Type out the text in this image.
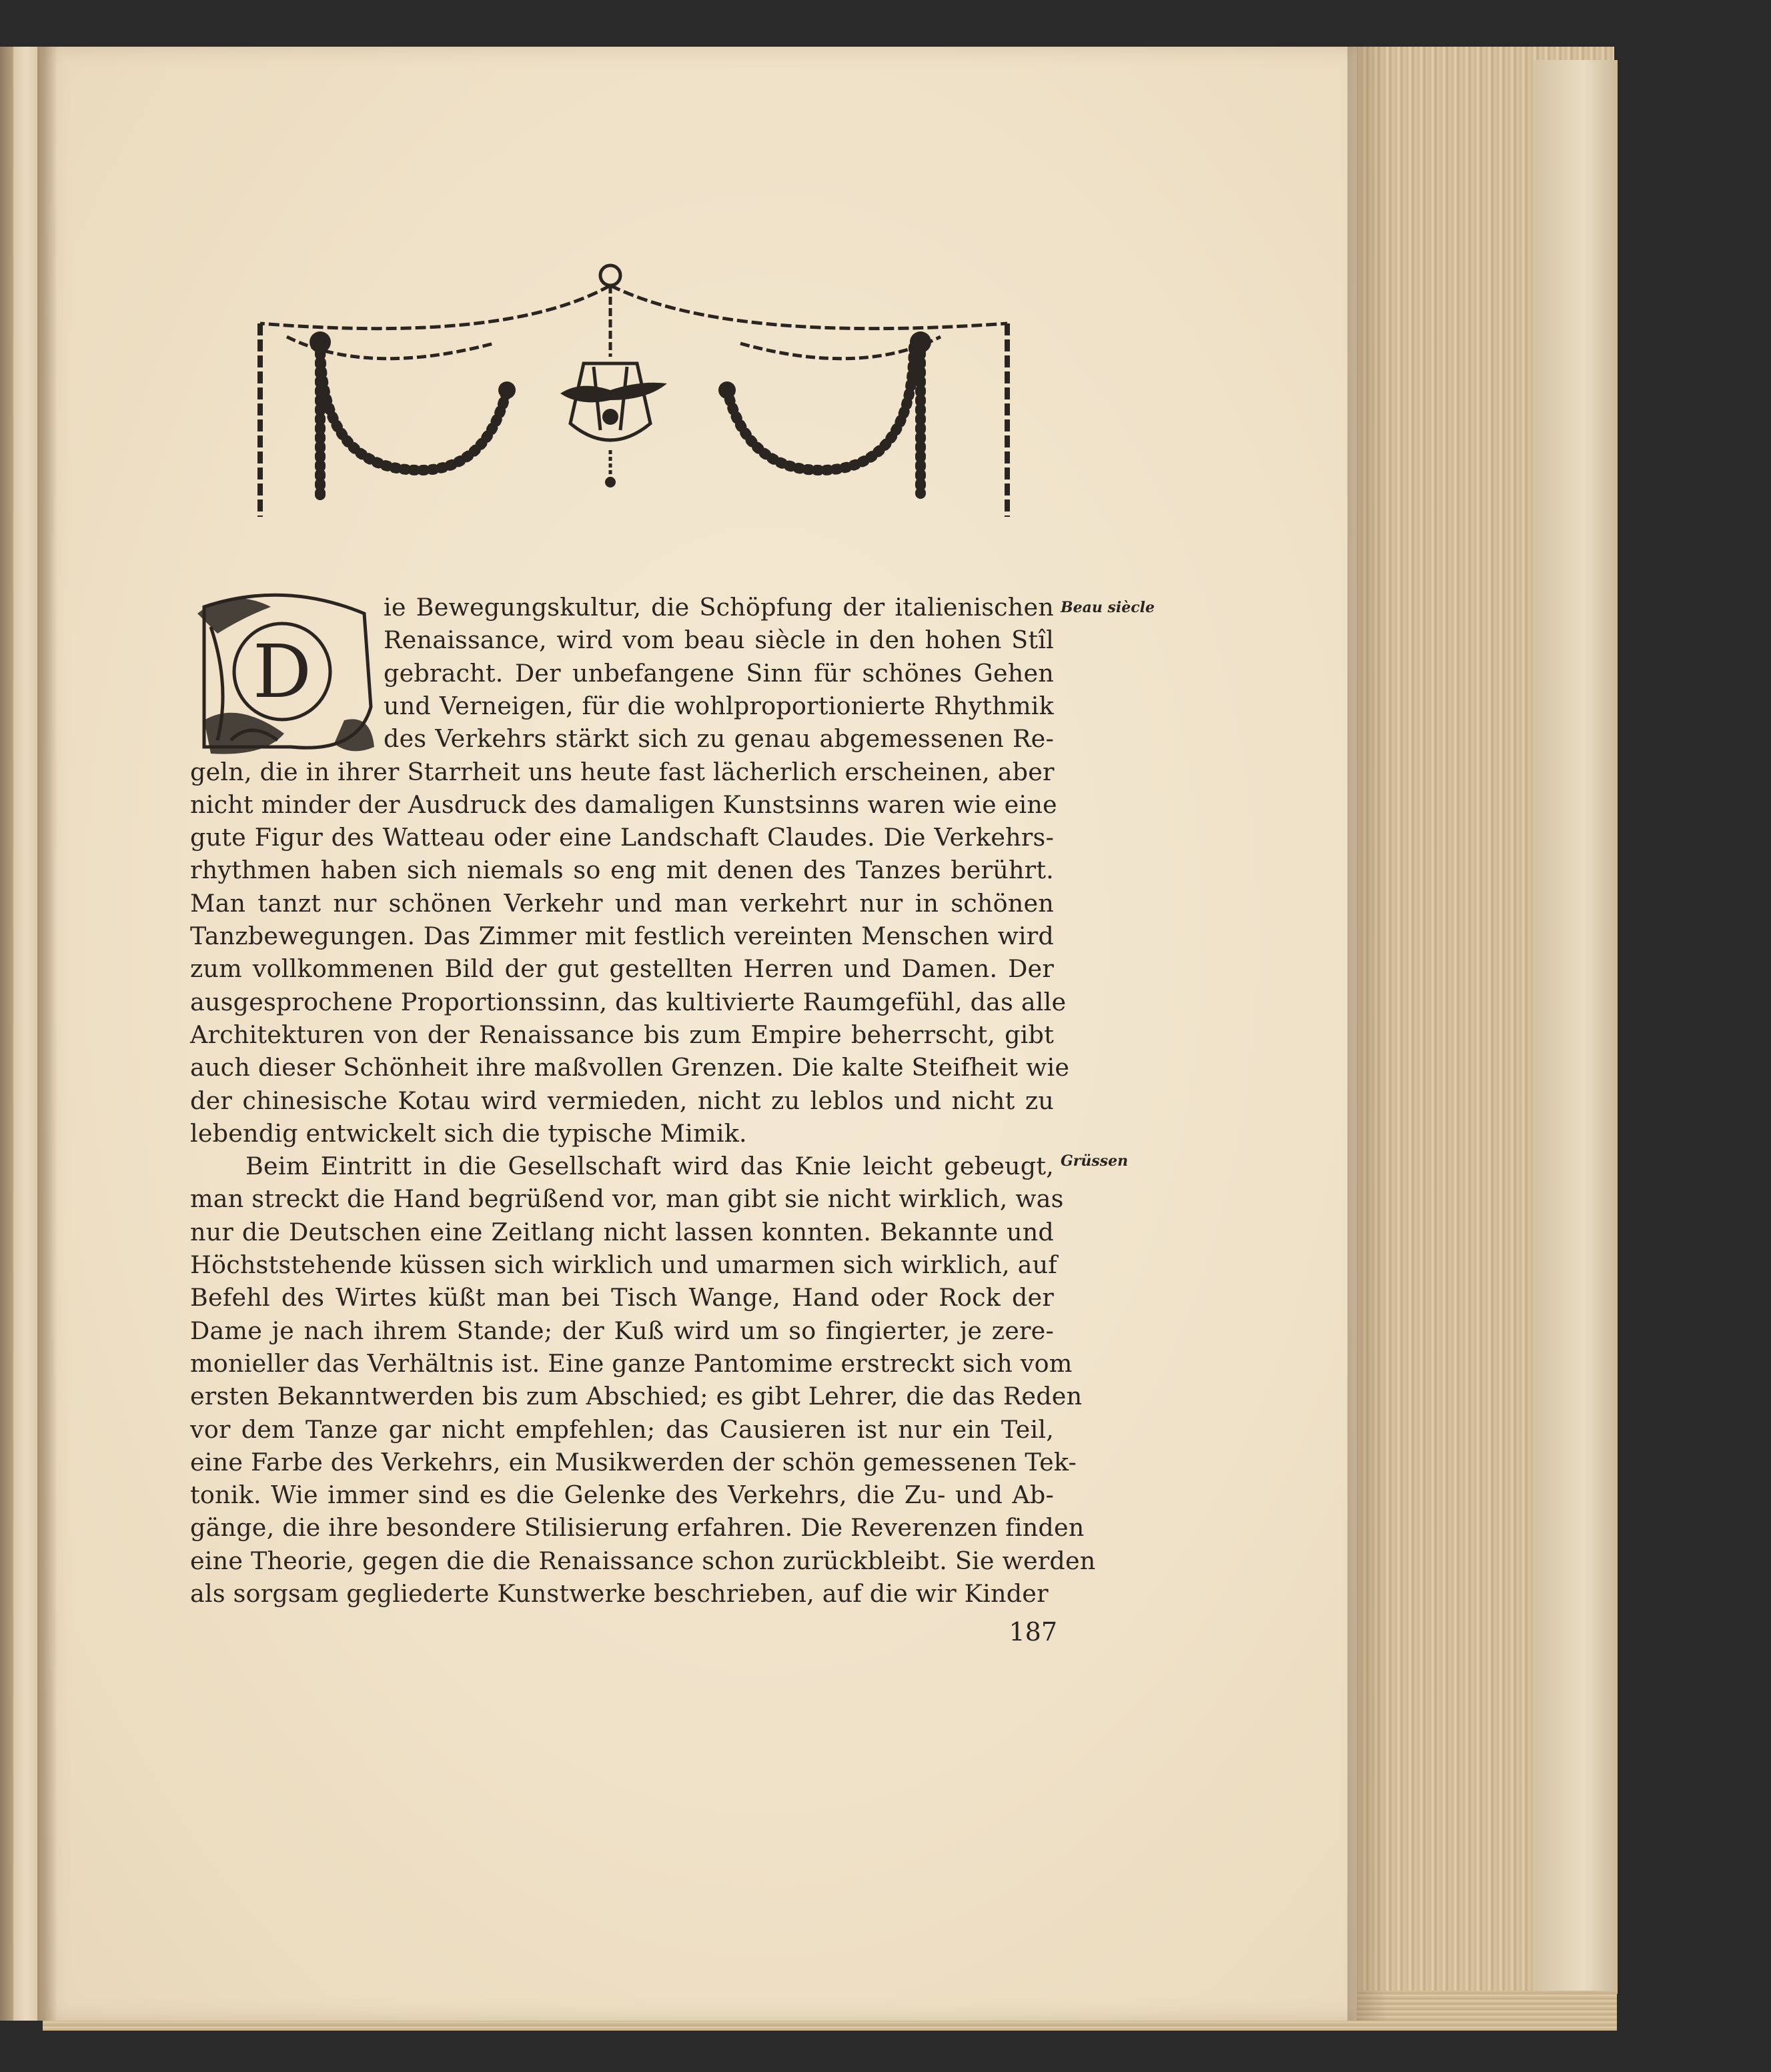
D
ie Bewegungskultur, die Schöpfung der italienischen
Renaissance, wird vom beau siècle in den hohen Stîl
gebracht. Der unbefangene Sinn für schönes Gehen
und Verneigen, für die wohlproportionierte Rhythmik
des Verkehrs stärkt sich zu genau abgemessenen Re-
geln, die in ihrer Starrheit uns heute fast lächerlich erscheinen, aber
nicht minder der Ausdruck des damaligen Kunstsinns waren wie eine
gute Figur des Watteau oder eine Landschaft Claudes. Die Verkehrs-
rhythmen haben sich niemals so eng mit denen des Tanzes berührt.
Man tanzt nur schönen Verkehr und man verkehrt nur in schönen
Tanzbewegungen. Das Zimmer mit festlich vereinten Menschen wird
zum vollkommenen Bild der gut gestellten Herren und Damen. Der
ausgesprochene Proportionssinn, das kultivierte Raumgefühl, das alle
Architekturen von der Renaissance bis zum Empire beherrscht, gibt
auch dieser Schönheit ihre maßvollen Grenzen. Die kalte Steifheit wie
der chinesische Kotau wird vermieden, nicht zu leblos und nicht zu
lebendig entwickelt sich die typische Mimik.
Beim Eintritt in die Gesellschaft wird das Knie leicht gebeugt,
man streckt die Hand begrüßend vor, man gibt sie nicht wirklich, was
nur die Deutschen eine Zeitlang nicht lassen konnten. Bekannte und
Höchststehende küssen sich wirklich und umarmen sich wirklich, auf
Befehl des Wirtes küßt man bei Tisch Wange, Hand oder Rock der
Dame je nach ihrem Stande; der Kuß wird um so fingierter, je zere-
monieller das Verhältnis ist. Eine ganze Pantomime erstreckt sich vom
ersten Bekanntwerden bis zum Abschied; es gibt Lehrer, die das Reden
vor dem Tanze gar nicht empfehlen; das Causieren ist nur ein Teil,
eine Farbe des Verkehrs, ein Musikwerden der schön gemessenen Tek-
tonik. Wie immer sind es die Gelenke des Verkehrs, die Zu- und Ab-
gänge, die ihre besondere Stilisierung erfahren. Die Reverenzen finden
eine Theorie, gegen die die Renaissance schon zurückbleibt. Sie werden
als sorgsam gegliederte Kunstwerke beschrieben, auf die wir Kinder
Beau siècle
Grüssen
187
